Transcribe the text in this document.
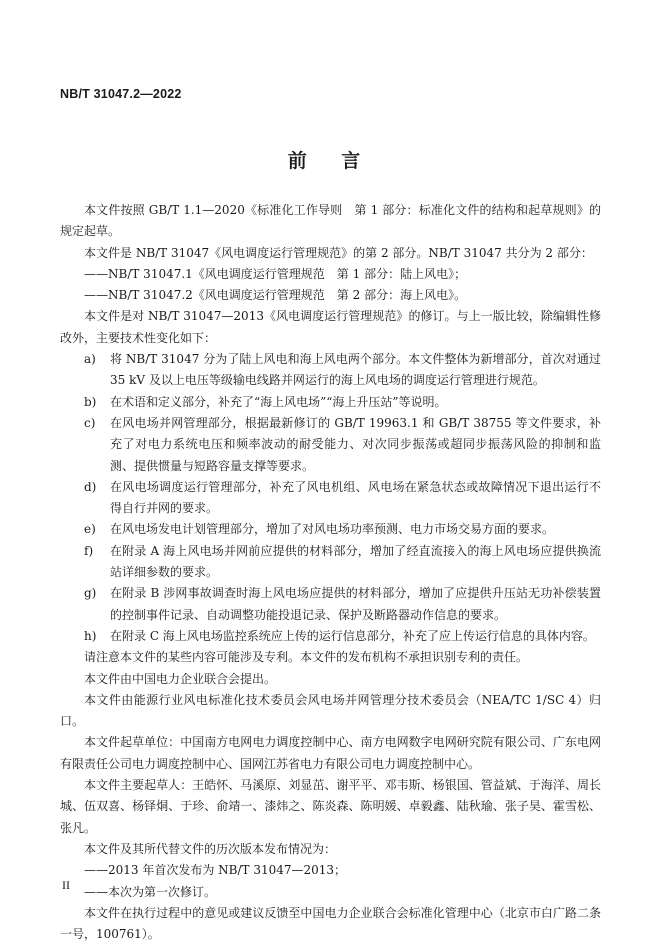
NB/T 31047.2—2022
前 言

本文件按照 GB/T 1.1—2020《标准化工作导则　第 1 部分：标准化文件的结构和起草规则》的规定起草。

本文件是 NB/T 31047《风电调度运行管理规范》的第 2 部分。NB/T 31047 共分为 2 部分：

——NB/T 31047.1《风电调度运行管理规范　第 1 部分：陆上风电》；

——NB/T 31047.2《风电调度运行管理规范　第 2 部分：海上风电》。

本文件是对 NB/T 31047—2013《风电调度运行管理规范》的修订。与上一版比较，除编辑性修改外，主要技术性变化如下：

a)	将 NB/T 31047 分为了陆上风电和海上风电两个部分。本文件整体为新增部分，首次对通过 35 kV 及以上电压等级输电线路并网运行的海上风电场的调度运行管理进行规范。
b)	在术语和定义部分，补充了“海上风电场”“海上升压站”等说明。
c)	在风电场并网管理部分，根据最新修订的 GB/T 19963.1 和 GB/T 38755 等文件要求，补充了对电力系统电压和频率波动的耐受能力、对次同步振荡或超同步振荡风险的抑制和监测、提供惯量与短路容量支撑等要求。
d)	在风电场调度运行管理部分，补充了风电机组、风电场在紧急状态或故障情况下退出运行不得自行并网的要求。
e)	在风电场发电计划管理部分，增加了对风电场功率预测、电力市场交易方面的要求。
f)	在附录 A 海上风电场并网前应提供的材料部分，增加了经直流接入的海上风电场应提供换流站详细参数的要求。
g)	在附录 B 涉网事故调查时海上风电场应提供的材料部分，增加了应提供升压站无功补偿装置的控制事件记录、自动调整功能投退记录、保护及断路器动作信息的要求。
h)	在附录 C 海上风电场监控系统应上传的运行信息部分，补充了应上传运行信息的具体内容。

请注意本文件的某些内容可能涉及专利。本文件的发布机构不承担识别专利的责任。

本文件由中国电力企业联合会提出。

本文件由能源行业风电标准化技术委员会风电场并网管理分技术委员会（NEA/TC 1/SC 4）归口。

本文件起草单位：中国南方电网电力调度控制中心、南方电网数字电网研究院有限公司、广东电网有限责任公司电力调度控制中心、国网江苏省电力有限公司电力调度控制中心。

本文件主要起草人：王皓怀、马溪原、刘显茁、谢平平、邓韦斯、杨银国、管益斌、于海洋、周长城、伍双喜、杨铎烔、于珍、俞靖一、漆炜之、陈炎森、陈明媛、卓毅鑫、陆秋瑜、张子昊、霍雪松、张凡。

本文件及其所代替文件的历次版本发布情况为：

——2013 年首次发布为 NB/T 31047—2013；

——本次为第一次修订。

本文件在执行过程中的意见或建议反馈至中国电力企业联合会标准化管理中心（北京市白广路二条一号，100761）。

II
